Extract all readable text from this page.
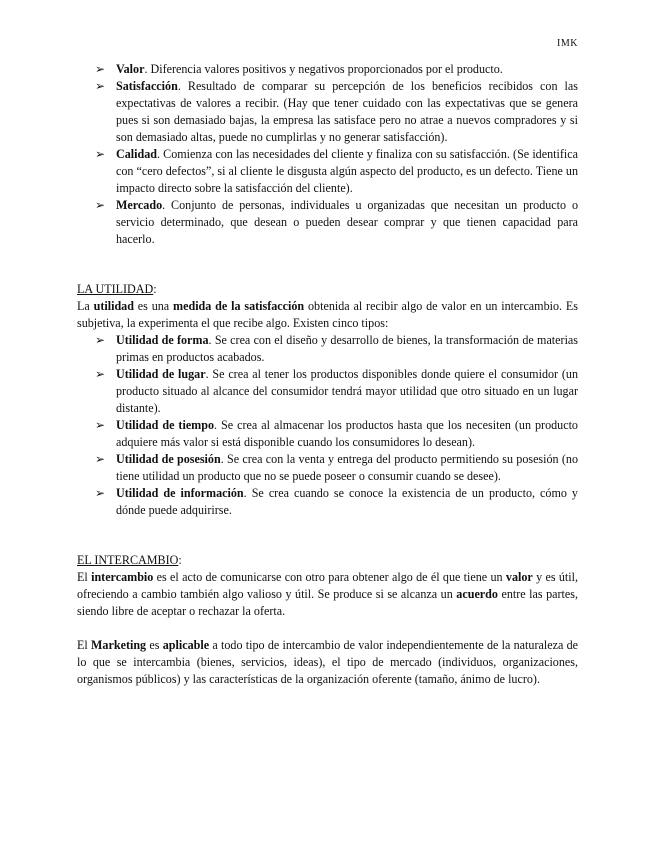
IMK
➢ Valor. Diferencia valores positivos y negativos proporcionados por el producto.
➢ Satisfacción. Resultado de comparar su percepción de los beneficios recibidos con las expectativas de valores a recibir. (Hay que tener cuidado con las expectativas que se genera pues si son demasiado bajas, la empresa las satisface pero no atrae a nuevos compradores y si son demasiado altas, puede no cumplirlas y no generar satisfacción).
➢ Calidad. Comienza con las necesidades del cliente y finaliza con su satisfacción. (Se identifica con “cero defectos”, si al cliente le disgusta algún aspecto del producto, es un defecto. Tiene un impacto directo sobre la satisfacción del cliente).
➢ Mercado. Conjunto de personas, individuales u organizadas que necesitan un producto o servicio determinado, que desean o pueden desear comprar y que tienen capacidad para hacerlo.

LA UTILIDAD:

La utilidad es una medida de la satisfacción obtenida al recibir algo de valor en un intercambio. Es subjetiva, la experimenta el que recibe algo. Existen cinco tipos:

➢ Utilidad de forma. Se crea con el diseño y desarrollo de bienes, la transformación de materias primas en productos acabados.
➢ Utilidad de lugar. Se crea al tener los productos disponibles donde quiere el consumidor (un producto situado al alcance del consumidor tendrá mayor utilidad que otro situado en un lugar distante).
➢ Utilidad de tiempo. Se crea al almacenar los productos hasta que los necesiten (un producto adquiere más valor si está disponible cuando los consumidores lo desean).
➢ Utilidad de posesión. Se crea con la venta y entrega del producto permitiendo su posesión (no tiene utilidad un producto que no se puede poseer o consumir cuando se desee).
➢ Utilidad de información. Se crea cuando se conoce la existencia de un producto, cómo y dónde puede adquirirse.

EL INTERCAMBIO:

El intercambio es el acto de comunicarse con otro para obtener algo de él que tiene un valor y es útil, ofreciendo a cambio también algo valioso y útil. Se produce si se alcanza un acuerdo entre las partes, siendo libre de aceptar o rechazar la oferta.

El Marketing es aplicable a todo tipo de intercambio de valor independientemente de la naturaleza de lo que se intercambia (bienes, servicios, ideas), el tipo de mercado (individuos, organizaciones, organismos públicos) y las características de la organización oferente (tamaño, ánimo de lucro).
